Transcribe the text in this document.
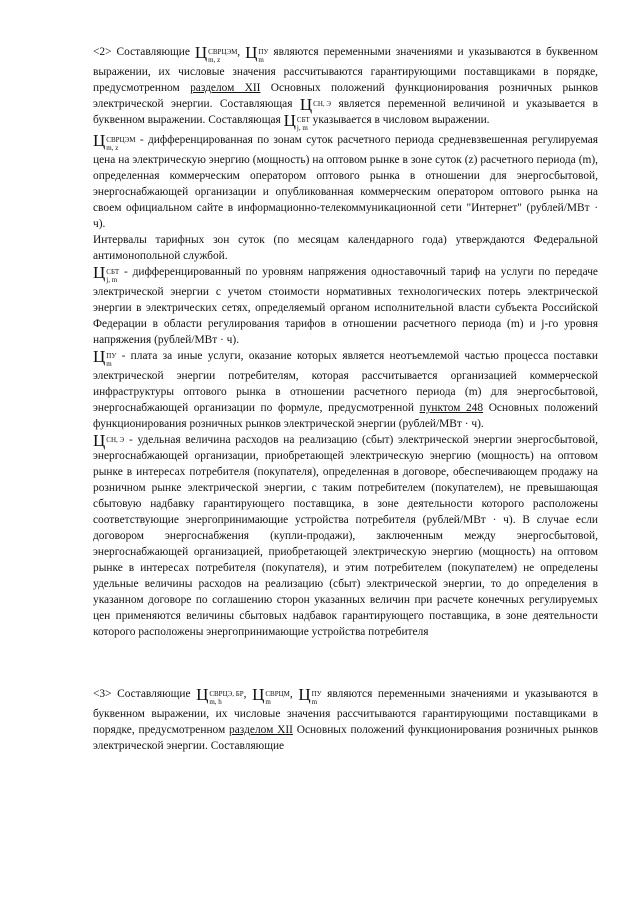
<2> Составляющие Ц СВРЦЭМ
m, z
, Ц ПУ
m
являются переменными значениями и указываются в буквенном выражении, их числовые значения рассчитываются гарантирующими поставщиками в порядке, предусмотренном разделом XII Основных положений функционирования розничных рынков электрической энергии. Составляющая Ц СН, Э является переменной величиной и указывается в буквенном выражении. Составляющая Ц СБТ
j, m
указывается в числовом выражении.

Ц СВРЦЭМ
m, z
- дифференцированная по зонам суток расчетного периода средневзвешенная регулируемая цена на электрическую энергию (мощность) на оптовом рынке в зоне суток (z) расчетного периода (m), определенная коммерческим оператором оптового рынка в отношении для энергосбытовой, энергоснабжающей организации и опубликованная коммерческим оператором оптового рынка на своем официальном сайте в информационно-телекоммуникационной сети "Интернет" (рублей/МВт · ч).

Интервалы тарифных зон суток (по месяцам календарного года) утверждаются Федеральной антимонопольной службой.

Ц СБТ
j, m
- дифференцированный по уровням напряжения одноставочный тариф на услуги по передаче электрической энергии с учетом стоимости нормативных технологических потерь электрической энергии в электрических сетях, определяемый органом исполнительной власти субъекта Российской Федерации в области регулирования тарифов в отношении расчетного периода (m) и j-го уровня напряжения (рублей/МВт · ч).

Ц ПУ
m
- плата за иные услуги, оказание которых является неотъемлемой частью процесса поставки электрической энергии потребителям, которая рассчитывается организацией коммерческой инфраструктуры оптового рынка в отношении расчетного периода (m) для энергосбытовой, энергоснабжающей организации по формуле, предусмотренной пунктом 248 Основных положений функционирования розничных рынков электрической энергии (рублей/МВт · ч).

Ц СН, Э - удельная величина расходов на реализацию (сбыт) электрической энергии энергосбытовой, энергоснабжающей организации, приобретающей электрическую энергию (мощность) на оптовом рынке в интересах потребителя (покупателя), определенная в договоре, обеспечивающем продажу на розничном рынке электрической энергии, с таким потребителем (покупателем), не превышающая сбытовую надбавку гарантирующего поставщика, в зоне деятельности которого расположены соответствующие энергопринимающие устройства потребителя (рублей/МВт · ч). В случае если договором энергоснабжения (купли-продажи), заключенным между энергосбытовой, энергоснабжающей организацией, приобретающей электрическую энергию (мощность) на оптовом рынке в интересах потребителя (покупателя), и этим потребителем (покупателем) не определены удельные величины расходов на реализацию (сбыт) электрической энергии, то до определения в указанном договоре по соглашению сторон указанных величин при расчете конечных регулируемых цен применяются величины сбытовых надбавок гарантирующего поставщика, в зоне деятельности которого расположены энергопринимающие устройства потребителя

<3> Составляющие Ц СВРЦЭ, БР
m, h
, Ц СВРЦМ
m
, Ц ПУ
m
являются переменными значениями и указываются в буквенном выражении, их числовые значения рассчитываются гарантирующими поставщиками в порядке, предусмотренном разделом XII Основных положений функционирования розничных рынков электрической энергии. Составляющие
